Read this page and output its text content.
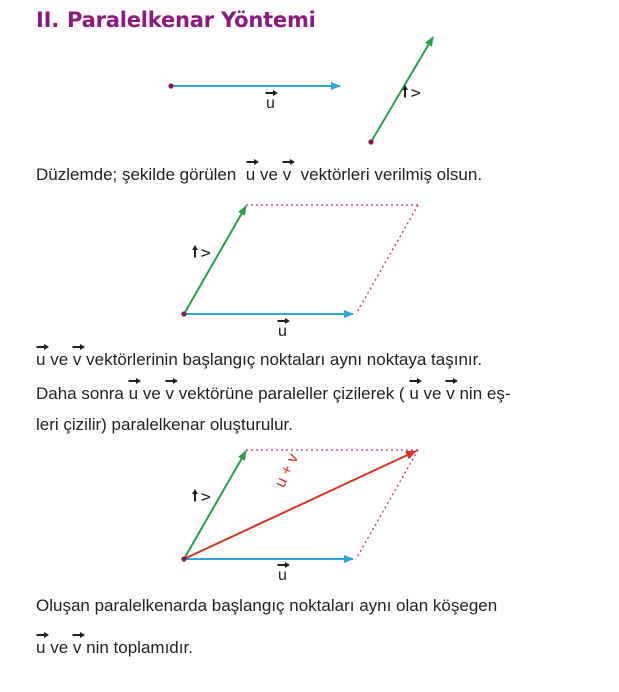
II. Paralelkenar Yöntemi
u
v
u
v
u
v
u + v
Düzlemde; şekilde görülen u ve v vektörleri verilmiş olsun.
u ve v vektörlerinin başlangıç noktaları aynı noktaya taşınır.
Daha sonra u ve v vektörüne paraleller çizilerek ( u ve v nin eş-
leri çizilir) paralelkenar oluşturulur.
Oluşan paralelkenarda başlangıç noktaları aynı olan köşegen
u ve v nin toplamıdır.
